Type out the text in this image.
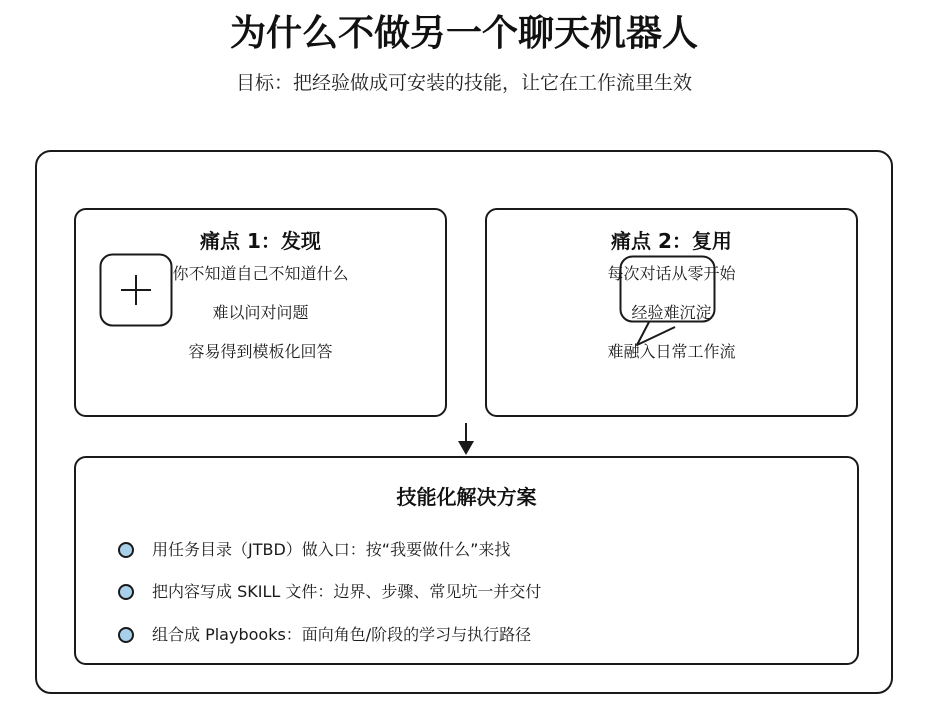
为什么不做另一个聊天机器人
目标：把经验做成可安装的技能，让它在工作流里生效
痛点 1：发现
你不知道自己不知道什么
难以问对问题
容易得到模板化回答
痛点 2：复用
每次对话从零开始
经验难沉淀
难融入日常工作流
技能化解决方案
用任务目录（JTBD）做入口：按“我要做什么”来找
把内容写成 SKILL 文件：边界、步骤、常见坑一并交付
组合成 Playbooks：面向角色/阶段的学习与执行路径
